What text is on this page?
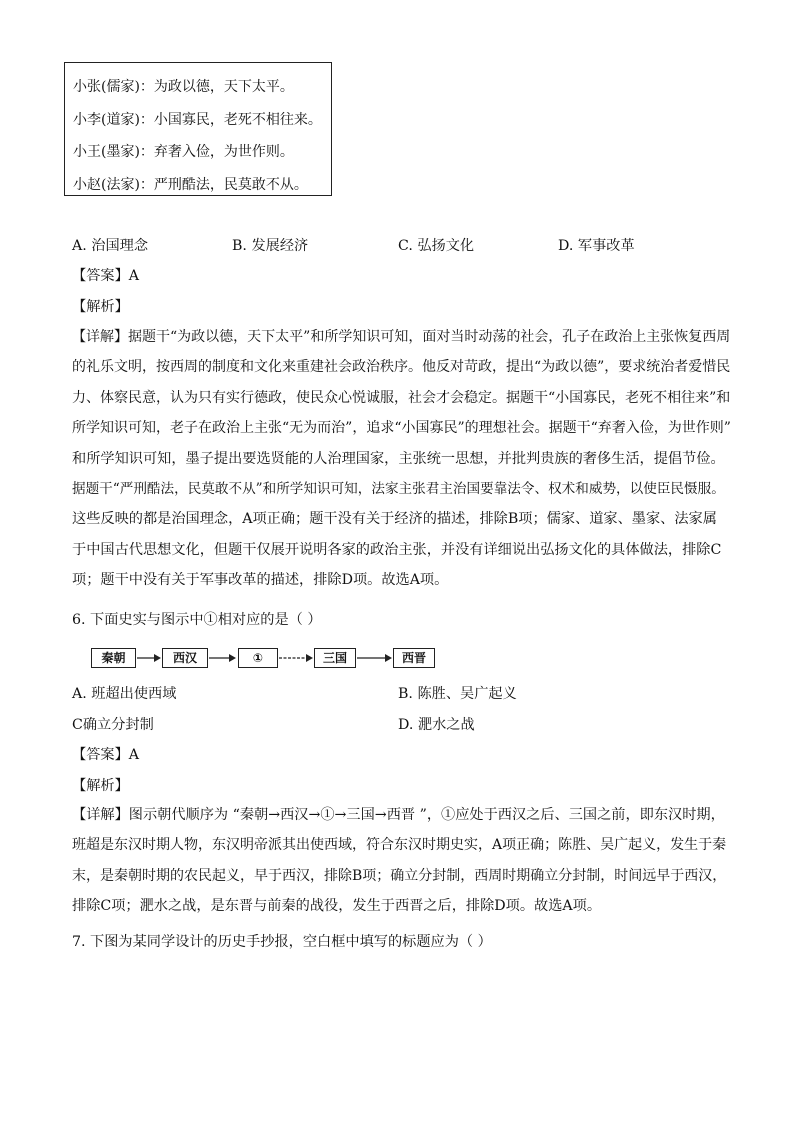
小张(儒家)：为政以德，天下太平。
小李(道家)：小国寡民，老死不相往来。
小王(墨家)：弃奢入俭，为世作则。
小赵(法家)：严刑酷法，民莫敢不从。
A. 治国理念	B. 发展经济	C. 弘扬文化	D. 军事改革
【答案】A
【解析】
【详解】据题干“为政以德，天下太平”和所学知识可知，面对当时动荡的社会，孔子在政治上主张恢复西周
的礼乐文明，按西周的制度和文化来重建社会政治秩序。他反对苛政，提出“为政以德”，要求统治者爱惜民
力、体察民意，认为只有实行德政，使民众心悦诚服，社会才会稳定。据题干“小国寡民，老死不相往来”和
所学知识可知，老子在政治上主张“无为而治”，追求“小国寡民”的理想社会。据题干“弃奢入俭，为世作则”
和所学知识可知，墨子提出要选贤能的人治理国家，主张统一思想，并批判贵族的奢侈生活，提倡节俭。
据题干“严刑酷法，民莫敢不从”和所学知识可知，法家主张君主治国要靠法令、权术和威势，以使臣民慑服。
这些反映的都是治国理念，A项正确；题干没有关于经济的描述，排除B项；儒家、道家、墨家、法家属
于中国古代思想文化，但题干仅展开说明各家的政治主张，并没有详细说出弘扬文化的具体做法，排除C
项；题干中没有关于军事改革的描述，排除D项。故选A项。
6. 下面史实与图示中①相对应的是（ ）
秦朝	西汉	①	三国	西晋
A. 班超出使西域	B. 陈胜、吴广起义
C确立分封制	D. 淝水之战
【答案】A
【解析】
【详解】图示朝代顺序为 “秦朝→西汉→①→三国→西晋 ”，①应处于西汉之后、三国之前，即东汉时期，
班超是东汉时期人物，东汉明帝派其出使西域，符合东汉时期史实，A项正确；陈胜、吴广起义，发生于秦
末，是秦朝时期的农民起义，早于西汉，排除B项；确立分封制，西周时期确立分封制，时间远早于西汉，
排除C项；淝水之战，是东晋与前秦的战役，发生于西晋之后，排除D项。故选A项。
7. 下图为某同学设计的历史手抄报，空白框中填写的标题应为（ ）
